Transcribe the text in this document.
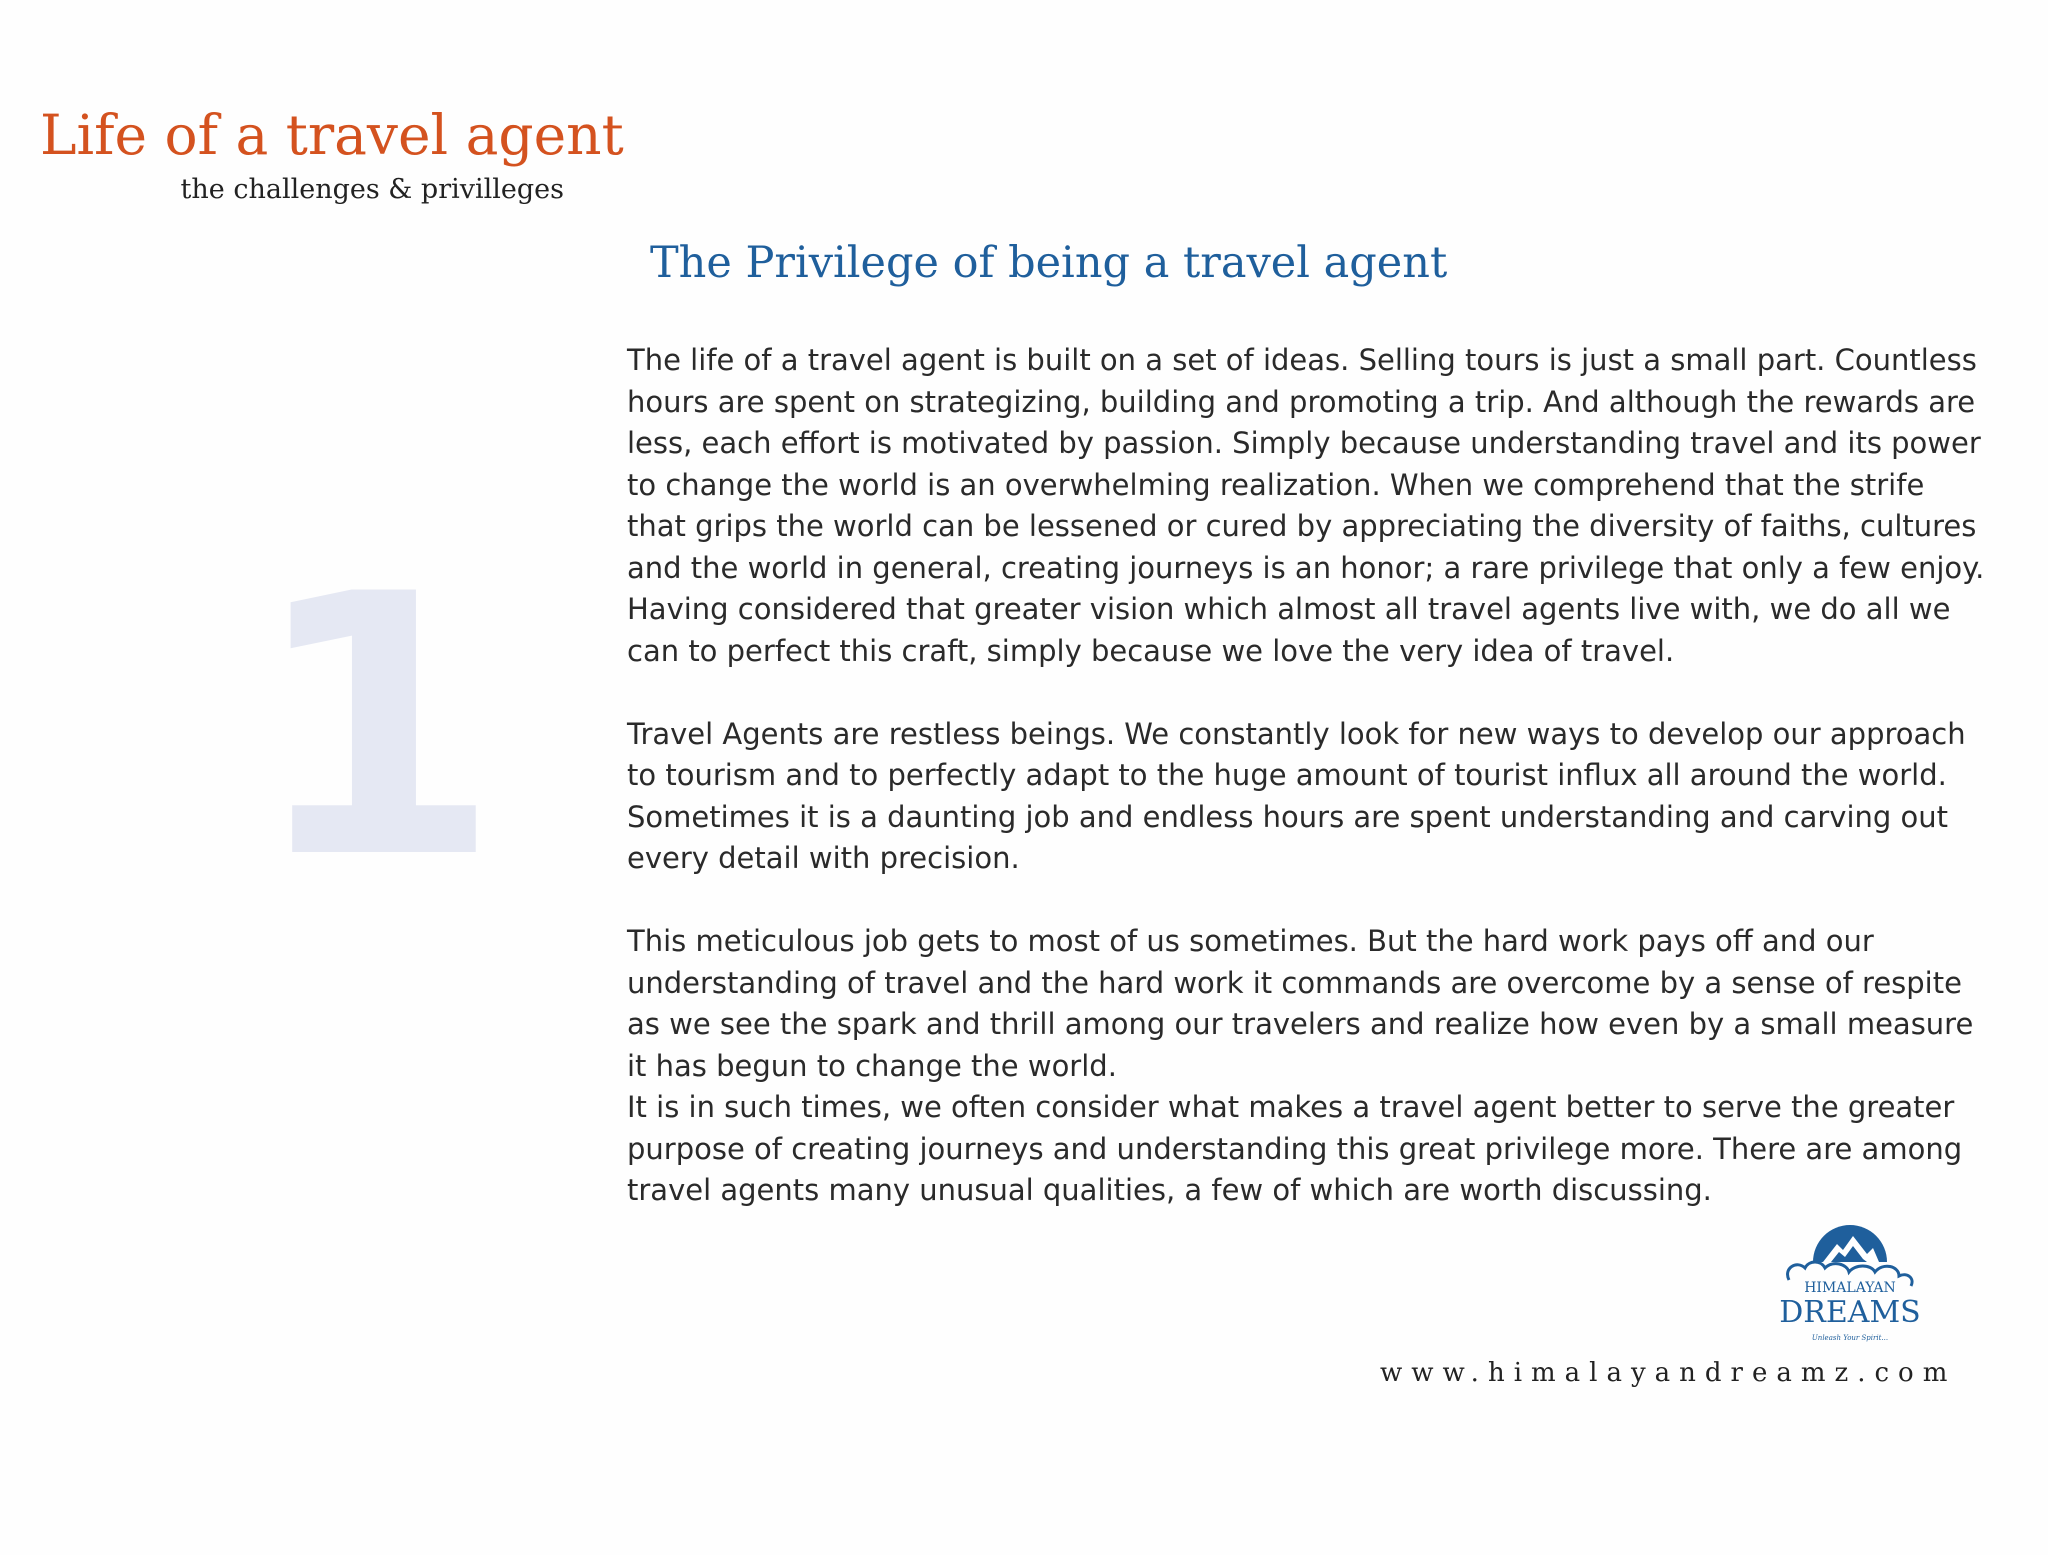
Life of a travel agent
the challenges & privilleges
1
The Privilege of being a travel agent

The life of a travel agent is built on a set of ideas. Selling tours is just a small part. Countless hours are spent on strategizing, building and promoting a trip. And although the rewards are less, each effort is motivated by passion. Simply because understanding travel and its power to change the world is an overwhelming realization. When we comprehend that the strife that grips the world can be lessened or cured by appreciating the diversity of faiths, cultures and the world in general, creating journeys is an honor; a rare privilege that only a few enjoy. Having considered that greater vision which almost all travel agents live with, we do all we can to perfect this craft, simply because we love the very idea of travel.

Travel Agents are restless beings. We constantly look for new ways to develop our approach to tourism and to perfectly adapt to the huge amount of tourist influx all around the world. Sometimes it is a daunting job and endless hours are spent understanding and carving out every detail with precision.

This meticulous job gets to most of us sometimes. But the hard work pays off and our understanding of travel and the hard work it commands are overcome by a sense of respite as we see the spark and thrill among our travelers and realize how even by a small measure it has begun to change the world.

It is in such times, we often consider what makes a travel agent better to serve the greater purpose of creating journeys and understanding this great privilege more. There are among travel agents many unusual qualities, a few of which are worth discussing.

HIMALAYAN
DREAMS
Unleash Your Spirit...
www.himalayandreamz.com
